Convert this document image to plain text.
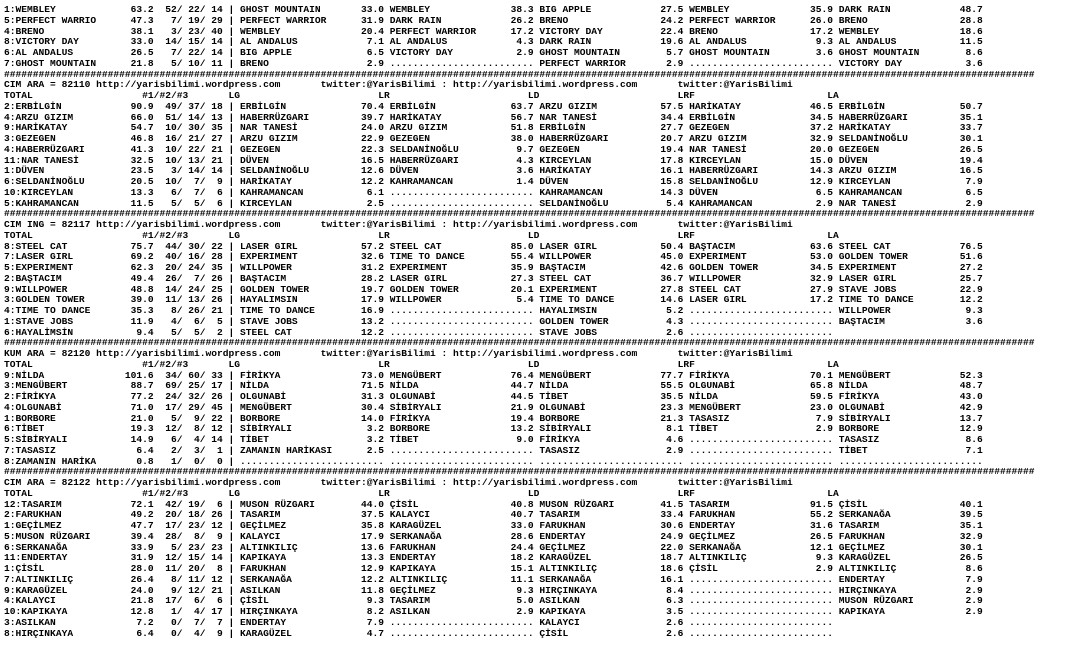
1:WEMBLEY             63.2  52/ 22/ 14 | GHOST MOUNTAIN       33.0 WEMBLEY              38.3 BIG APPLE            27.5 WEMBLEY              35.9 DARK RAIN            48.7
5:PERFECT WARRIO      47.3   7/ 19/ 29 | PERFECT WARRIOR      31.9 DARK RAIN            26.2 BRENO                24.2 PERFECT WARRIOR      26.0 BRENO                28.8
4:BRENO               38.1   3/ 23/ 40 | WEMBLEY              20.4 PERFECT WARRIOR      17.2 VICTORY DAY          22.4 BRENO                17.2 WEMBLEY              18.6
8:VICTORY DAY         33.0  14/ 15/ 14 | AL ANDALUS            7.1 AL ANDALUS            4.3 DARK RAIN            19.6 AL ANDALUS            9.3 AL ANDALUS           11.5
6:AL ANDALUS          26.5   7/ 22/ 14 | BIG APPLE             6.5 VICTORY DAY           2.9 GHOST MOUNTAIN        5.7 GHOST MOUNTAIN        3.6 GHOST MOUNTAIN        8.6
7:GHOST MOUNTAIN      21.8   5/ 10/ 11 | BRENO                 2.9 ......................... PERFECT WARRIOR       2.9 ......................... VICTORY DAY           3.6
###################################################################################################################################################################################
CIM ARA = 82110 http://yarisbilimi.wordpress.com       twitter:@YarisBilimi : http://yarisbilimi.wordpress.com       twitter:@YarisBilimi
TOTAL                   #1/#2/#3       LG                        LR                        LD                        LRF                       LA
2:ERBİLGİN            90.9  49/ 37/ 18 | ERBİLGİN             70.4 ERBİLGİN             63.7 ARZU GIZIM           57.5 HARİKATAY            46.5 ERBİLGİN             50.7
4:ARZU GIZIM          66.0  51/ 14/ 13 | HABERRÜZGARI         39.7 HARİKATAY            56.7 NAR TANESİ           34.4 ERBİLGİN             34.5 HABERRÜZGARI         35.1
9:HARİKATAY           54.7  10/ 30/ 35 | NAR TANESİ           24.0 ARZU GIZIM           51.8 ERBİLGİN             27.7 GEZEGEN              37.2 HARİKATAY            33.7
3:GEZEGEN             46.8  16/ 21/ 27 | ARZU GIZIM           22.9 GEZEGEN              38.0 HABERRÜZGARI         20.7 ARZU GIZIM           32.9 SELDANİNOĞLU         30.1
4:HABERRÜZGARI        41.3  10/ 22/ 21 | GEZEGEN              22.3 SELDANİNOĞLU          9.7 GEZEGEN              19.4 NAR TANESİ           20.0 GEZEGEN              26.5
11:NAR TANESİ         32.5  10/ 13/ 21 | DÜVEN                16.5 HABERRÜZGARI          4.3 KIRCEYLAN            17.8 KIRCEYLAN            15.0 DÜVEN                19.4
1:DÜVEN               23.5   3/ 14/ 14 | SELDANİNOĞLU         12.6 DÜVEN                 3.6 HARİKATAY            16.1 HABERRÜZGARI         14.3 ARZU GIZIM           16.5
6:SELDANİNOĞLU        20.5  10/  7/  9 | HARİKATAY            12.2 KAHRAMANCAN           1.4 DÜVEN                15.8 SELDANİNOĞLU         12.9 KIRCEYLAN             7.9
10:KIRCEYLAN          13.3   6/  7/  6 | KAHRAMANCAN           6.1 ......................... KAHRAMANCAN          14.3 DÜVEN                 6.5 KAHRAMANCAN           6.5
5:KAHRAMANCAN         11.5   5/  5/  6 | KIRCEYLAN             2.5 ......................... SELDANİNOĞLU          5.4 KAHRAMANCAN           2.9 NAR TANESİ            2.9
###################################################################################################################################################################################
CIM ING = 82117 http://yarisbilimi.wordpress.com       twitter:@YarisBilimi : http://yarisbilimi.wordpress.com       twitter:@YarisBilimi
TOTAL                   #1/#2/#3       LG                        LR                        LD                        LRF                       LA
8:STEEL CAT           75.7  44/ 30/ 22 | LASER GIRL           57.2 STEEL CAT            85.0 LASER GIRL           50.4 BAŞTACIM             63.6 STEEL CAT            76.5
7:LASER GIRL          69.2  40/ 16/ 28 | EXPERIMENT           32.6 TIME TO DANCE        55.4 WILLPOWER            45.0 EXPERIMENT           53.0 GOLDEN TOWER         51.6
5:EXPERIMENT          62.3  20/ 24/ 35 | WILLPOWER            31.2 EXPERIMENT           35.9 BAŞTACIM             42.6 GOLDEN TOWER         34.5 EXPERIMENT           27.2
2:BAŞTACIM            49.4  26/  7/ 26 | BAŞTACIM             28.2 LASER GIRL           27.3 STEEL CAT            36.7 WILLPOWER            32.9 LASER GIRL           25.7
9:WILLPOWER           48.8  14/ 24/ 25 | GOLDEN TOWER         19.7 GOLDEN TOWER         20.1 EXPERIMENT           27.8 STEEL CAT            27.9 STAVE JOBS           22.9
3:GOLDEN TOWER        39.0  11/ 13/ 26 | HAYALIMSIN           17.9 WILLPOWER             5.4 TIME TO DANCE        14.6 LASER GIRL           17.2 TIME TO DANCE        12.2
4:TIME TO DANCE       35.3   8/ 26/ 21 | TIME TO DANCE        16.9 ......................... HAYALIMSIN            5.2 ......................... WILLPOWER             9.3
1:STAVE JOBS          11.9   4/  6/  5 | STAVE JOBS           13.2 ......................... GOLDEN TOWER          4.3 ......................... BAŞTACIM              3.6
6:HAYALİMSİN           9.4   5/  5/  2 | STEEL CAT            12.2 ......................... STAVE JOBS            2.6 .........................
###################################################################################################################################################################################
KUM ARA = 82120 http://yarisbilimi.wordpress.com       twitter:@YarisBilimi : http://yarisbilimi.wordpress.com       twitter:@YarisBilimi
TOTAL                   #1/#2/#3       LG                        LR                        LD                        LRF                       LA
9:NİLDA              101.6  34/ 60/ 33 | FİRİKYA              73.0 MENGÜBERT            76.4 MENGÜBERT            77.7 FİRİKYA              70.1 MENGÜBERT            52.3
3:MENGÜBERT           88.7  69/ 25/ 17 | NİLDA                71.5 NİLDA                44.7 NİLDA                55.5 OLGUNABİ             65.8 NİLDA                48.7
2:FİRİKYA             77.2  24/ 32/ 26 | OLGUNABİ             31.3 OLGUNABİ             44.5 TİBET                35.5 NİLDA                59.5 FİRİKYA              43.0
4:OLGUNABİ            71.0  17/ 29/ 45 | MENGÜBERT            30.4 SİBİRYALI            21.9 OLGUNABİ             23.3 MENGÜBERT            23.0 OLGUNABİ             42.9
1:BORBORE             21.0   5/  9/ 22 | BORBORE              14.0 FİRİKYA              19.4 BORBORE              21.3 TASASIZ               7.9 SİBİRYALI            13.7
6:TİBET               19.3  12/  8/ 12 | SİBİRYALI             3.2 BORBORE              13.2 SİBİRYALI             8.1 TİBET                 2.9 BORBORE              12.9
5:SİBİRYALI           14.9   6/  4/ 14 | TİBET                 3.2 TİBET                 9.0 FİRİKYA               4.6 ......................... TASASIZ               8.6
7:TASASIZ              6.4   2/  3/  1 | ZAMANIN HARİKASI      2.5 ......................... TASASIZ               2.9 ......................... TİBET                 7.1
8:ZAMANIN HARİKA       0.8   1/  0/  0 | ......................... ......................... ......................... ......................... .........................
###################################################################################################################################################################################
CIM ARA = 82122 http://yarisbilimi.wordpress.com       twitter:@YarisBilimi : http://yarisbilimi.wordpress.com       twitter:@YarisBilimi
TOTAL                   #1/#2/#3       LG                        LR                        LD                        LRF                       LA
12:TASARIM            72.1  42/ 19/  6 | MUSON RÜZGARI        44.0 ÇİSİL                40.8 MUSON RÜZGARI        41.5 TASARIM              91.5 ÇİSİL                40.1
2:FARUKHAN            49.2  20/ 18/ 26 | TASARIM              37.5 KALAYCI              40.7 TASARIM              33.4 FARUKHAN             55.2 SERKANAĞA            39.5
1:GEÇİLMEZ            47.7  17/ 23/ 12 | GEÇİLMEZ             35.8 KARAGÜZEL            33.0 FARUKHAN             30.6 ENDERTAY             31.6 TASARIM              35.1
5:MUSON RÜZGARI       39.4  28/  8/  9 | KALAYCI              17.9 SERKANAĞA            28.6 ENDERTAY             24.9 GEÇİLMEZ             26.5 FARUKHAN             32.9
6:SERKANAĞA           33.9   5/ 23/ 23 | ALTINKILIÇ           13.6 FARUKHAN             24.4 GEÇİLMEZ             22.0 SERKANAĞA            12.1 GEÇİLMEZ             30.1
11:ENDERTAY           31.9  12/ 15/ 14 | KAPIKAYA             13.3 ENDERTAY             18.2 KARAGÜZEL            18.7 ALTINKILIÇ            9.3 KARAGÜZEL            26.5
1:ÇİSİL               28.0  11/ 20/  8 | FARUKHAN             12.9 KAPIKAYA             15.1 ALTINKILIÇ           18.6 ÇİSİL                 2.9 ALTINKILIÇ            8.6
7:ALTINKILIÇ          26.4   8/ 11/ 12 | SERKANAĞA            12.2 ALTINKILIÇ           11.1 SERKANAĞA            16.1 ......................... ENDERTAY              7.9
9:KARAGÜZEL           24.0   9/ 12/ 21 | ASILKAN              11.8 GEÇİLMEZ              9.3 HIRÇINKAYA            8.4 ......................... HIRÇINKAYA            2.9
4:KALAYCI             21.8  17/  6/  6 | ÇİSİL                 9.3 TASARIM               5.0 ASILKAN               6.3 ......................... MUSON RÜZGARI         2.9
10:KAPIKAYA           12.8   1/  4/ 17 | HIRÇINKAYA            8.2 ASILKAN               2.9 KAPIKAYA              3.5 ......................... KAPIKAYA              2.9
3:ASILKAN              7.2   0/  7/  7 | ENDERTAY              7.9 ......................... KALAYCI               2.6 .........................
8:HIRÇINKAYA           6.4   0/  4/  9 | KARAGÜZEL             4.7 ......................... ÇİSİL                 2.6 .........................
